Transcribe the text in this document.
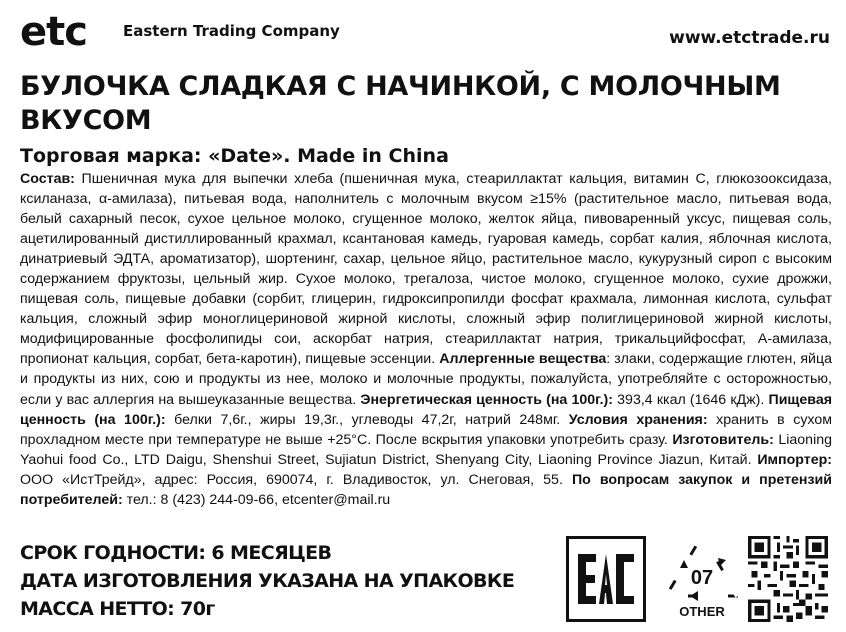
etc Eastern Trading Company	www.etctrade.ru
БУЛОЧКА СЛАДКАЯ С НАЧИНКОЙ, С МОЛОЧНЫМ ВКУСОМ
Торговая марка: «Date». Made in China

Состав: Пшеничная мука для выпечки хлеба (пшеничная мука, стеариллактат кальция, витамин С, глюкозооксидаза, ксиланаза, α-амилаза), питьевая вода, наполнитель с молочным вкусом ≥15% (растительное масло, питьевая вода, белый сахарный песок, сухое цельное молоко, сгущенное молоко, желток яйца, пивоваренный уксус, пищевая соль, ацетилированный дистиллированный крахмал, ксантановая камедь, гуаровая камедь, сорбат калия, яблочная кислота, динатриевый ЭДТА, ароматизатор), шортенинг, сахар, цельное яйцо, растительное масло, кукурузный сироп с высоким содержанием фруктозы, цельный жир. Сухое молоко, трегалоза, чистое молоко, сгущенное молоко, сухие дрожжи, пищевая соль, пищевые добавки (сорбит, глицерин, гидроксипропилди фосфат крахмала, лимонная кислота, сульфат кальция, сложный эфир моноглицериновой жирной кислоты, сложный эфир полиглицериновой жирной кислоты, модифицированные фосфолипиды сои, аскорбат натрия, стеариллактат натрия, трикальцийфосфат, А-амилаза, пропионат кальция, сорбат, бета-каротин), пищевые эссенции. Аллергенные вещества: злаки, содержащие глютен, яйца и продукты из них, сою и продукты из нее, молоко и молочные продукты, пожалуйста, употребляйте с осторожностью, если у вас аллергия на вышеуказанные вещества. Энергетическая ценность (на 100г.): 393,4 ккал (1646 кДж). Пищевая ценность (на 100г.): белки 7,6г., жиры 19,3г., углеводы 47,2г, натрий 248мг. Условия хранения: хранить в сухом прохладном месте при температуре не выше +25°С. После вскрытия упаковки употребить сразу. Изготовитель: Liaoning Yaohui food Co., LTD Daigu, Shenshui Street, Sujiatun District, Shenyang City, Liaoning Province Jiazun, Китай. Импортер: ООО «ИстТрейд», адрес: Россия, 690074, г. Владивосток, ул. Снеговая, 55. По вопросам закупок и претензий потребителей: тел.: 8 (423) 244-09-66, etcenter@mail.ru

СРОК ГОДНОСТИ: 6 МЕСЯЦЕВ
ДАТА ИЗГОТОВЛЕНИЯ УКАЗАНА НА УПАКОВКЕ
МАССА НЕТТО: 70г
07
OTHER
